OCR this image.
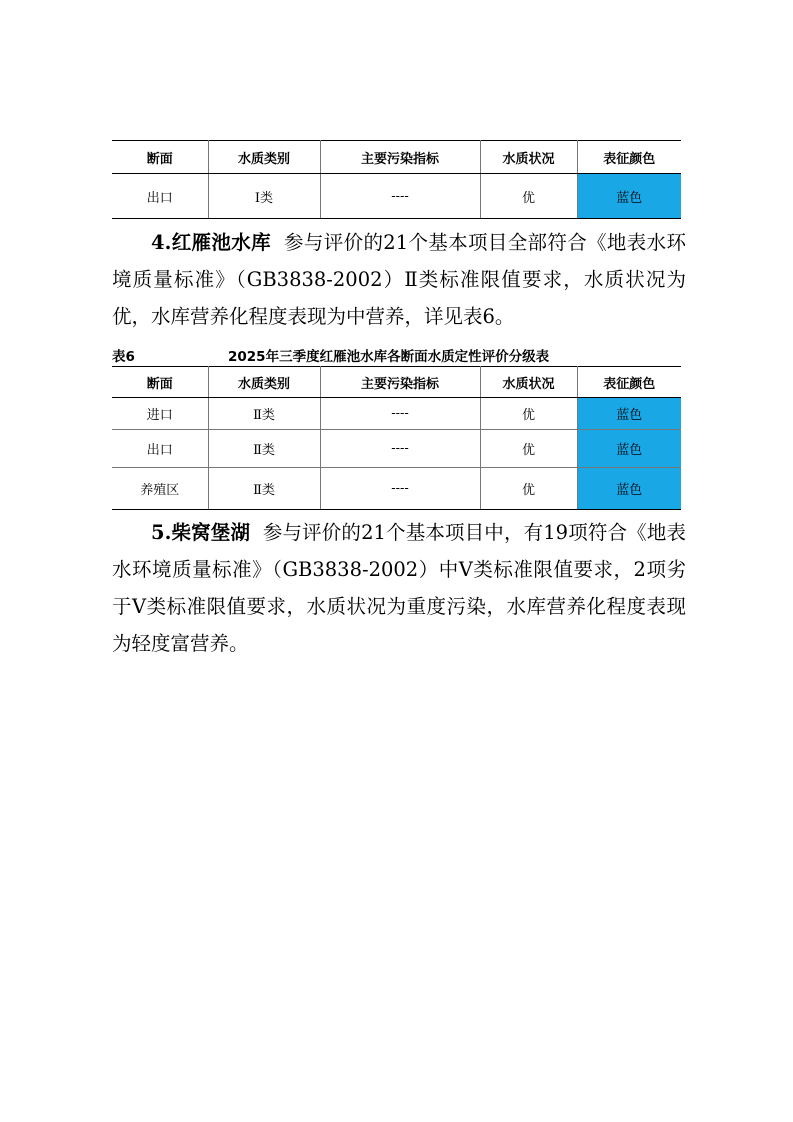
断面	水质类别	主要污染指标	水质状况	表征颜色
出口	Ⅰ类	----	优	蓝色
4.红雁池水库 参与评价的21个基本项目全部符合《地表水环境质量标准》（GB3838-2002）Ⅱ类标准限值要求，水质状况为优，水库营养化程度表现为中营养，详见表6。
表6	2025年三季度红雁池水库各断面水质定性评价分级表
断面	水质类别	主要污染指标	水质状况	表征颜色
进口	Ⅱ类	----	优	蓝色
出口	Ⅱ类	----	优	蓝色
养殖区	Ⅱ类	----	优	蓝色
5.柴窝堡湖 参与评价的21个基本项目中，有19项符合《地表水环境质量标准》（GB3838-2002）中Ⅴ类标准限值要求，2项劣于Ⅴ类标准限值要求，水质状况为重度污染，水库营养化程度表现为轻度富营养。
